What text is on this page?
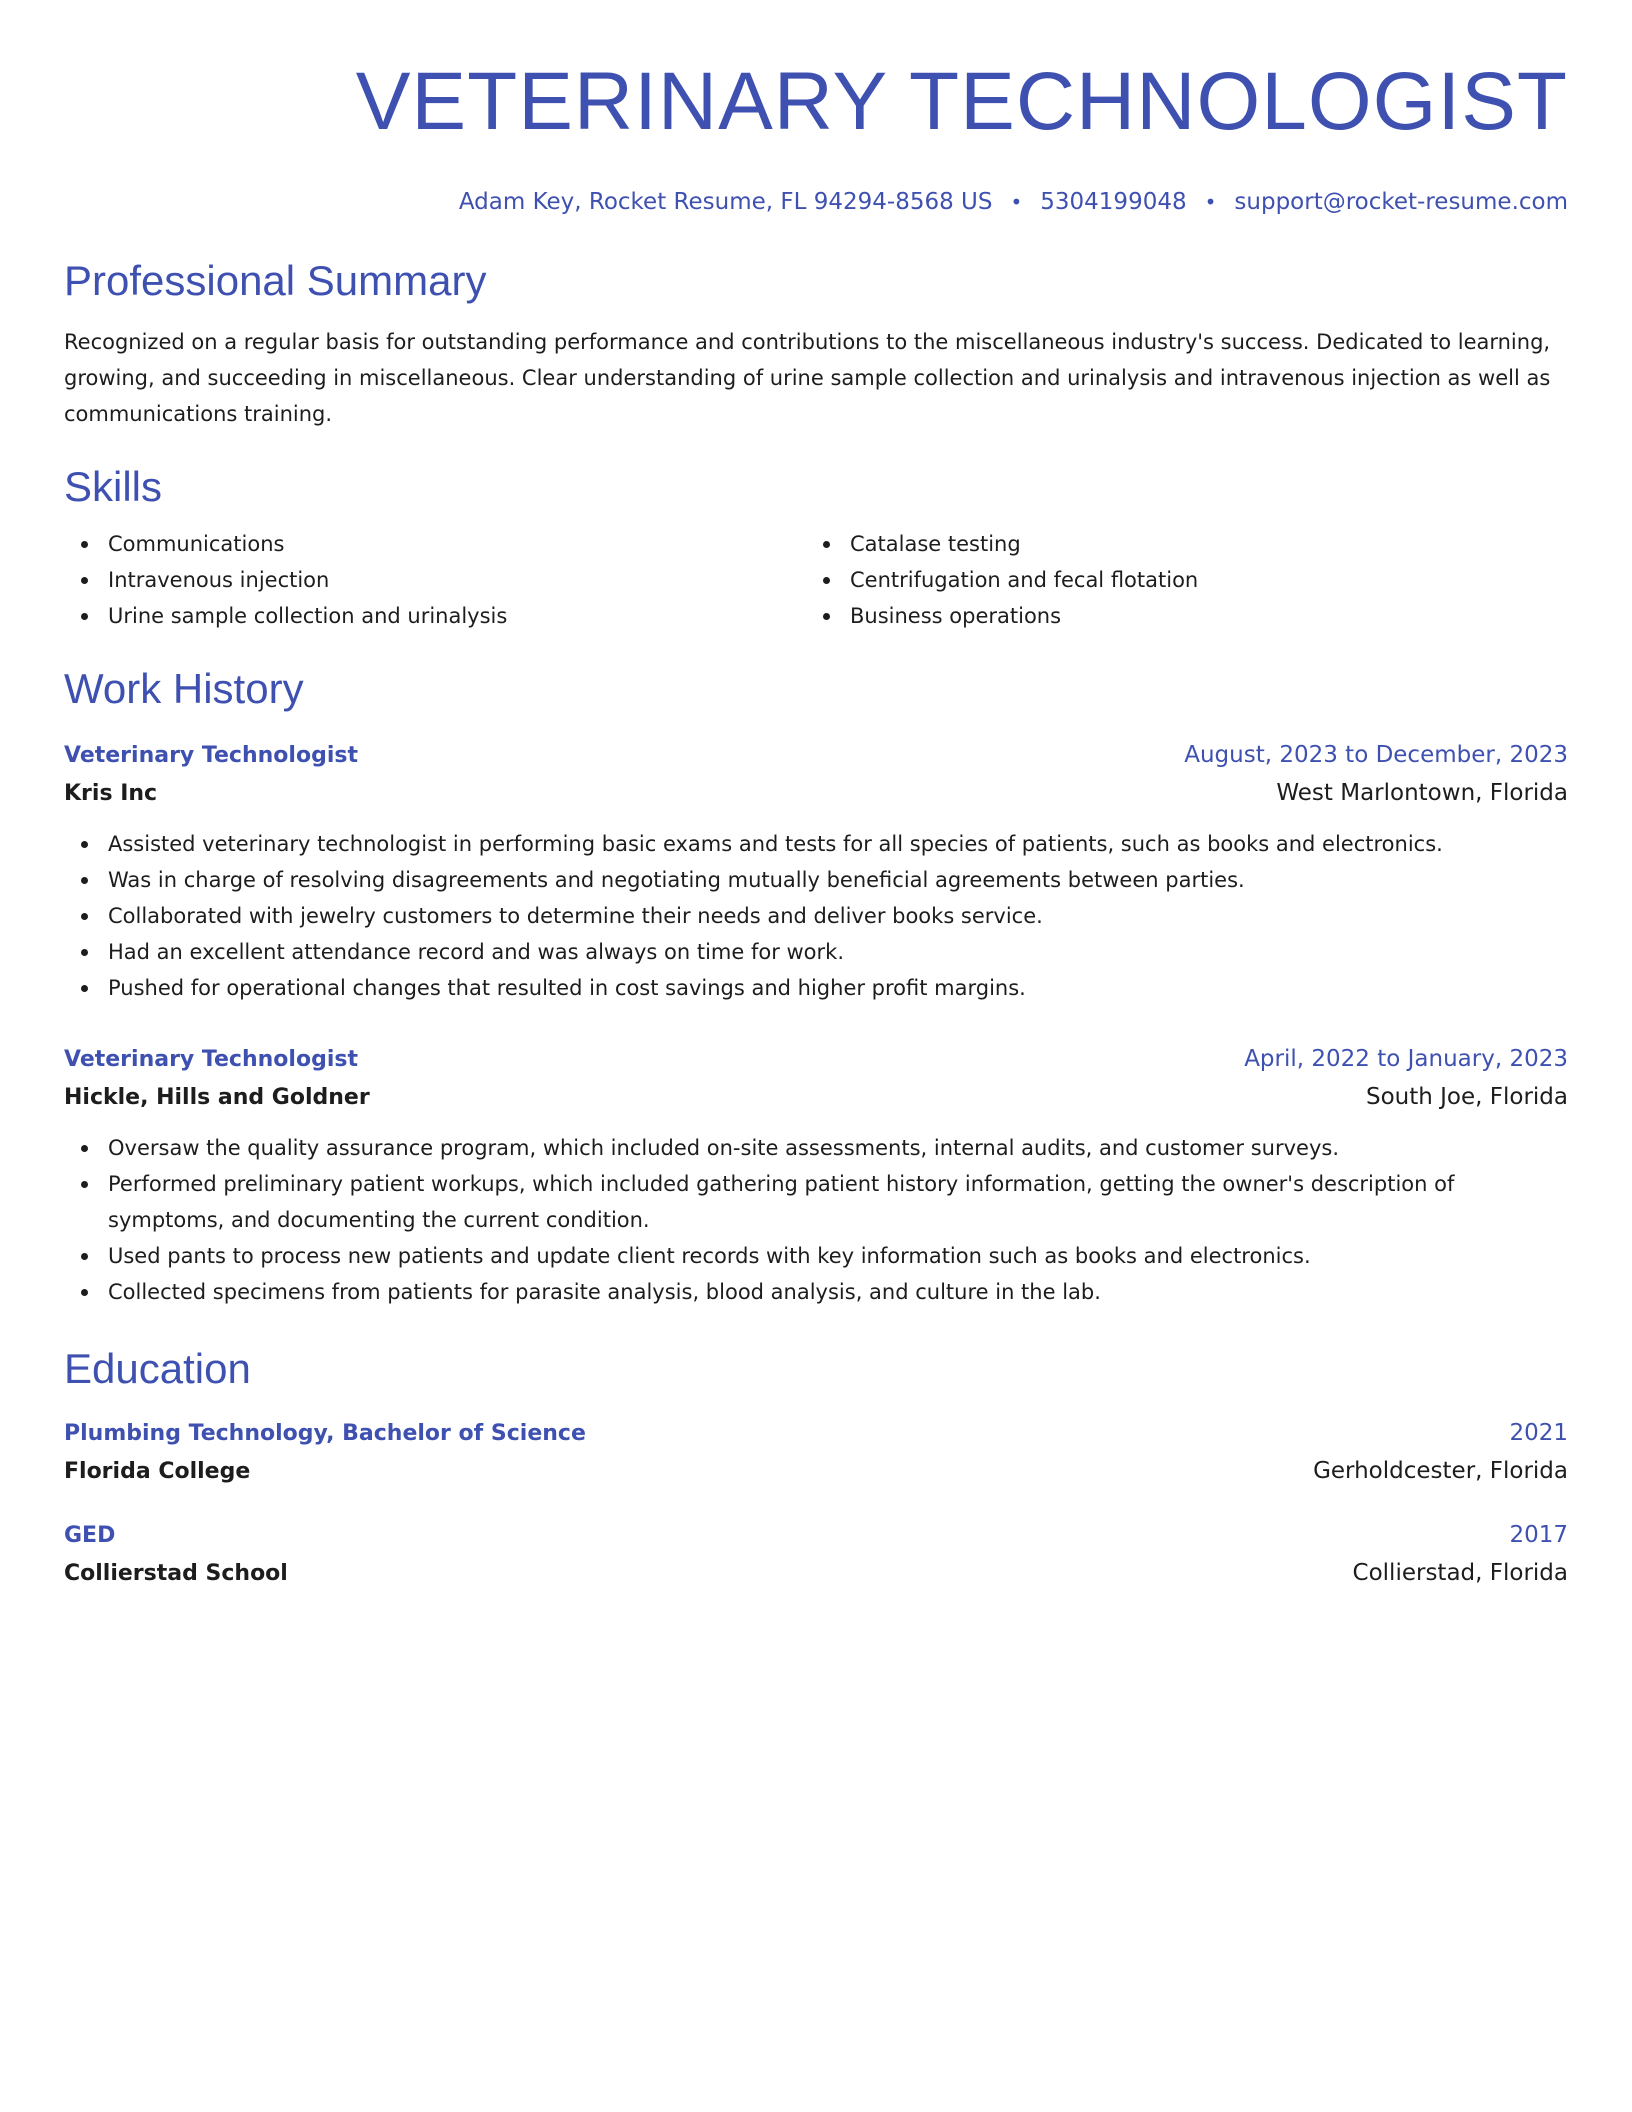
VETERINARY TECHNOLOGIST
Adam Key, Rocket Resume, FL 94294-8568 US • 5304199048 • support@rocket-resume.com
Professional Summary

Recognized on a regular basis for outstanding performance and contributions to the miscellaneous industry's success. Dedicated to learning, growing, and succeeding in miscellaneous. Clear understanding of urine sample collection and urinalysis and intravenous injection as well as communications training.

Skills
Communications
Intravenous injection
Urine sample collection and urinalysis
Catalase testing
Centrifugation and fecal flotation
Business operations
Work History
Veterinary Technologist	August, 2023 to December, 2023
Kris Inc	West Marlontown, Florida
Assisted veterinary technologist in performing basic exams and tests for all species of patients, such as books and electronics.
Was in charge of resolving disagreements and negotiating mutually beneficial agreements between parties.
Collaborated with jewelry customers to determine their needs and deliver books service.
Had an excellent attendance record and was always on time for work.
Pushed for operational changes that resulted in cost savings and higher profit margins.
Veterinary Technologist	April, 2022 to January, 2023
Hickle, Hills and Goldner	South Joe, Florida
Oversaw the quality assurance program, which included on-site assessments, internal audits, and customer surveys.
Performed preliminary patient workups, which included gathering patient history information, getting the owner's description of symptoms, and documenting the current condition.
Used pants to process new patients and update client records with key information such as books and electronics.
Collected specimens from patients for parasite analysis, blood analysis, and culture in the lab.
Education
Plumbing Technology, Bachelor of Science	2021
Florida College	Gerholdcester, Florida
GED	2017
Collierstad School	Collierstad, Florida
